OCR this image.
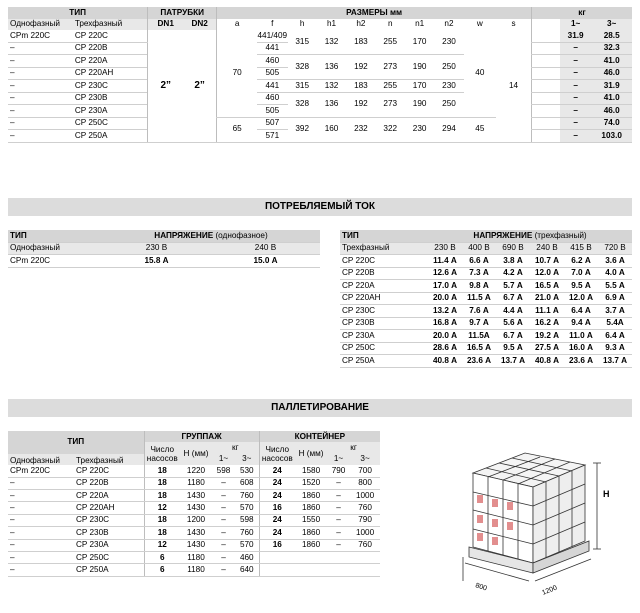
ТИП		ПАТРУБКИ		РАЗМЕРЫ мм										кг		
Однофазный	Трехфазный	DN1	DN2	a	f	h	h1	h2	n	n1	n2	w	s		1~	3~
CPm 220C	CP 220C	2”	2”	70	441/409	315	132	183	255	170	230	40	14		31.9	28.5
–	CP 220B				441										–	32.3
–	CP 220A				460	328	136	192	273	190	250				–	41.0
–	CP 220AH				505										–	46.0
–	CP 230C				441	315	132	183	255	170	230				–	31.9
–	CP 230B				460	328	136	192	273	190	250				–	41.0
–	CP 230A				505										–	46.0
–	CP 250C			65	507	392	160	232	322	230	294	45			–	74.0
–	CP 250A				571										–	103.0
ПОТРЕБЛЯЕМЫЙ ТОК
ТИП	НАПРЯЖЕНИЕ (однофазное)	
Однофазный	230 В	240 В
CPm 220C	15.8 А	15.0 А
ТИП	НАПРЯЖЕНИЕ (трехфазный)					
Трехфазный	230 В	400 В	690 В	240 В	415 В	720 В
CP 220C	11.4 А	6.6 А	3.8 А	10.7 А	6.2 А	3.6 А
CP 220B	12.6 А	7.3 А	4.2 А	12.0 А	7.0 А	4.0 А
CP 220A	17.0 А	9.8 А	5.7 А	16.5 А	9.5 А	5.5 А
CP 220AH	20.0 А	11.5 А	6.7 А	21.0 А	12.0 А	6.9 А
CP 230C	13.2 А	7.6 А	4.4 А	11.1 А	6.4 А	3.7 А
CP 230B	16.8 А	9.7 А	5.6 А	16.2 А	9.4 А	5.4А
CP 230A	20.0 А	11.5А	6.7 А	19.2 А	11.0 А	6.4 А
CP 250C	28.6 А	16.5 А	9.5 А	27.5 А	16.0 А	9.3 А
CP 250A	40.8 А	23.6 А	13.7 А	40.8 А	23.6 А	13.7 А
ПАЛЛЕТИРОВАНИЕ
ТИП		ГРУППАЖ				КОНТЕЙНЕР			
		Число
насосов	H (мм)	кг		Число
насосов	H (мм)	кг	
Однофазный	Трехфазный			1~	3~			1~	3~

CPm 220C	CP 220C	18	1220	598	530	24	1580	790	700
–	CP 220B	18	1180	–	608	24	1520	–	800
–	CP 220A	18	1430	–	760	24	1860	–	1000
–	CP 220AH	12	1430	–	570	16	1860	–	760
–	CP 230C	18	1200	–	598	24	1550	–	790
–	CP 230B	18	1430	–	760	24	1860	–	1000
–	CP 230A	12	1430	–	570	16	1860	–	760
–	CP 250C	6	1180	–	460				
–	CP 250A	6	1180	–	640				
H
800	1200
